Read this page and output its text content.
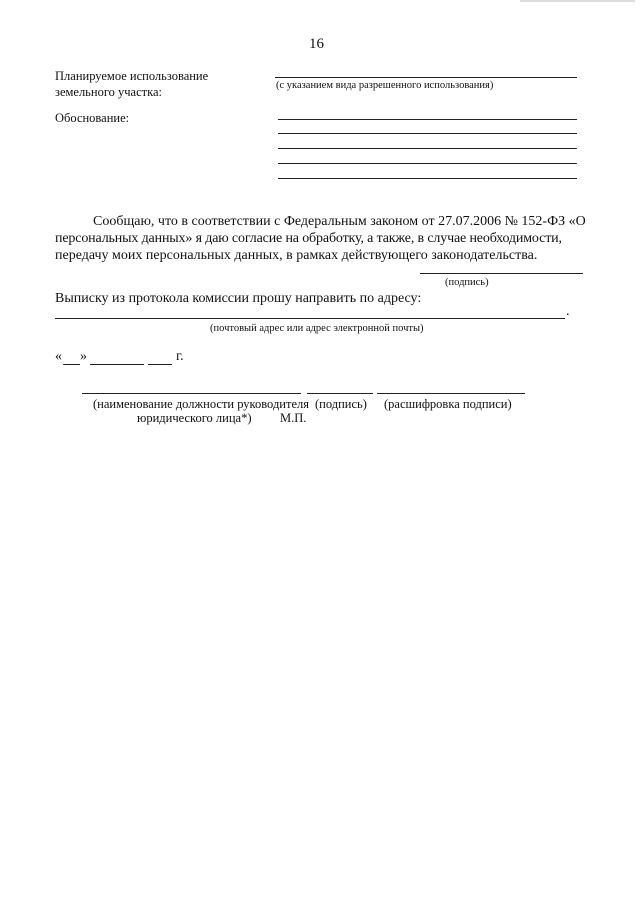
16
Планируемое использование
земельного участка:	(с указанием вида разрешенного использования)
Обоснование:
Сообщаю, что в соответствии с Федеральным законом от 27.07.2006 № 152-ФЗ «О
персональных данных» я даю согласие на обработку, а также, в случае необходимости,
передачу моих персональных данных, в рамках действующего законодательства.
(подпись)
Выписку из протокола комиссии прошу направить по адресу:
.
(почтовый адрес или адрес электронной почты)
« »	г.
(наименование должности руководителя
юридического лица*)
(подпись)
М.П.
(расшифровка подписи)
